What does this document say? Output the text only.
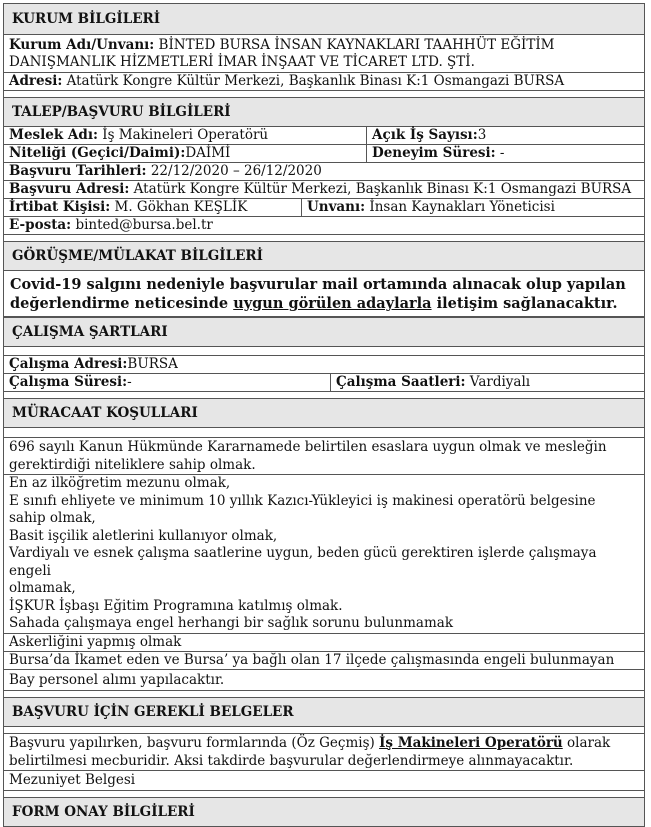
KURUM BİLGİLERİ
Kurum Adı/Unvanı: BİNTED BURSA İNSAN KAYNAKLARI TAAHHÜT EĞİTİM
DANIŞMANLIK HİZMETLERİ İMAR İNŞAAT VE TİCARET LTD. ŞTİ.
Adresi: Atatürk Kongre Kültür Merkezi, Başkanlık Binası K:1 Osmangazi BURSA
TALEP/BAŞVURU BİLGİLERİ
Meslek Adı: İş Makineleri Operatörü	Açık İş Sayısı:3
Niteliği (Geçici/Daimi):DAİMİ	Deneyim Süresi: -
Başvuru Tarihleri: 22/12/2020 – 26/12/2020
Başvuru Adresi: Atatürk Kongre Kültür Merkezi, Başkanlık Binası K:1 Osmangazi BURSA
İrtibat Kişisi: M. Gökhan KEŞLİK	Unvanı: İnsan Kaynakları Yöneticisi
E-posta: binted@bursa.bel.tr
GÖRÜŞME/MÜLAKAT BİLGİLERİ
Covid-19 salgını nedeniyle başvurular mail ortamında alınacak olup yapılan
değerlendirme neticesinde uygun görülen adaylarla iletişim sağlanacaktır.
ÇALIŞMA ŞARTLARI
Çalışma Adresi:BURSA
Çalışma Süresi:-	Çalışma Saatleri: Vardiyalı
MÜRACAAT KOŞULLARI
696 sayılı Kanun Hükmünde Kararnamede belirtilen esaslara uygun olmak ve mesleğin
gerektirdiği niteliklere sahip olmak.
En az ilköğretim mezunu olmak,
E sınıfı ehliyete ve minimum 10 yıllık Kazıcı-Yükleyici iş makinesi operatörü belgesine
sahip olmak,
Basit işçilik aletlerini kullanıyor olmak,
Vardiyalı ve esnek çalışma saatlerine uygun, beden gücü gerektiren işlerde çalışmaya engeli
olmamak,
İŞKUR İşbaşı Eğitim Programına katılmış olmak.
Sahada çalışmaya engel herhangi bir sağlık sorunu bulunmamak
Askerliğini yapmış olmak
Bursa’da İkamet eden ve Bursa’ ya bağlı olan 17 ilçede çalışmasında engeli bulunmayan
Bay personel alımı yapılacaktır.
BAŞVURU İÇİN GEREKLİ BELGELER
Başvuru yapılırken, başvuru formlarında (Öz Geçmiş) İş Makineleri Operatörü olarak
belirtilmesi mecburidir. Aksi takdirde başvurular değerlendirmeye alınmayacaktır.
Mezuniyet Belgesi
FORM ONAY BİLGİLERİ
